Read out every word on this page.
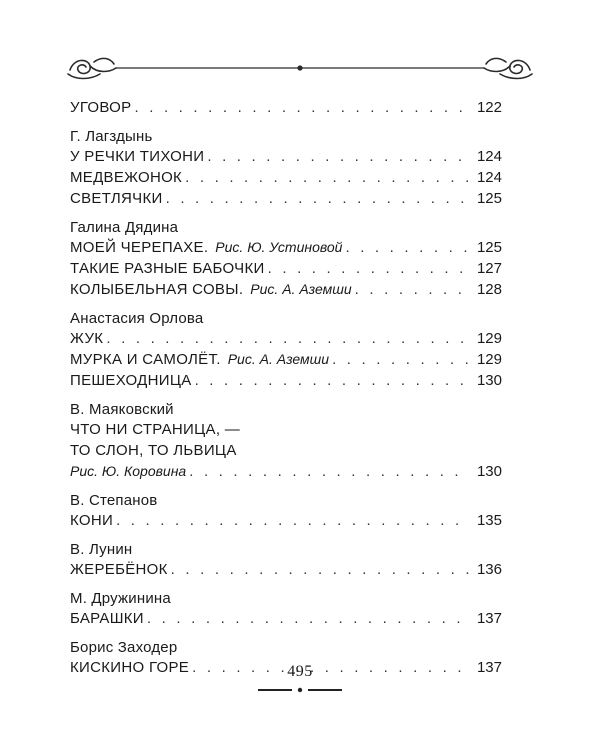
УГОВОР . . .	122
Г. Лагздынь
У РЕЧКИ ТИХОНИ . . .	124
МЕДВЕЖОНОК . . .	124
СВЕТЛЯЧКИ . . .	125
Галина Дядина
МОЕЙ ЧЕРЕПАХЕ. Рис. Ю. Устиновой . . .	125
ТАКИЕ РАЗНЫЕ БАБОЧКИ . . .	127
КОЛЫБЕЛЬНАЯ СОВЫ. Рис. А. Аземши . . .	128
Анастасия Орлова
ЖУК . . .	129
МУРКА И САМОЛЁТ. Рис. А. Аземши . . .	129
ПЕШЕХОДНИЦА . . .	130
В. Маяковский
ЧТО НИ СТРАНИЦА, —
ТО СЛОН, ТО ЛЬВИЦА
Рис. Ю. Коровина . . .	130
В. Степанов
КОНИ . . .	135
В. Лунин
ЖЕРЕБЁНОК . . .	136
М. Дружинина
БАРАШКИ . . .	137
Борис Заходер
КИСКИНО ГОРЕ . . .	137
495
